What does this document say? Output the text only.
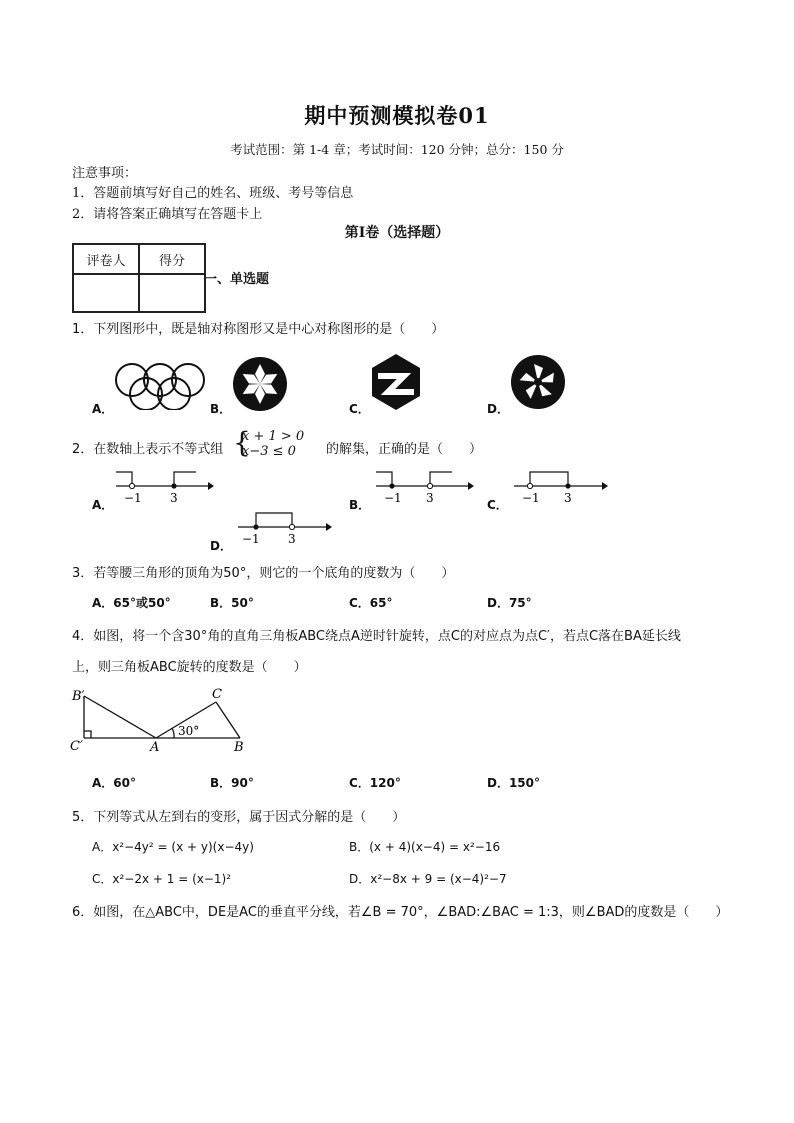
期中预测模拟卷01
考试范围：第 1-4 章；考试时间：120 分钟；总分：150 分
注意事项：
1．答题前填写好自己的姓名、班级、考号等信息
2．请将答案正确填写在答题卡上
第Ⅰ卷（选择题）
评卷人	得分

一、单选题
1．下列图形中，既是轴对称图形又是中心对称图形的是（　　）
A．	B．	C．	D．
2．在数轴上表示不等式组 {
x + 1 > 0
x−3 ≤ 0 的解集，正确的是（　　）
A． −1 3	B． −1 3	C． −1 3
D． −1 3
3．若等腰三角形的顶角为50°，则它的一个底角的度数为（　　）
A．65°或50°	B．50°	C．65°	D．75°
4．如图，将一个含30°角的直角三角板ABC绕点A逆时针旋转，点C的对应点为点C′，若点C落在BA延长线
上，则三角板ABC旋转的度数是（　　）
B′
C′	A	B
C
30°
A．60°	B．90°	C．120°	D．150°
5．下列等式从左到右的变形，属于因式分解的是（　　）
A．x²−4y² = (x + y)(x−4y)	B．(x + 4)(x−4) = x²−16
C．x²−2x + 1 = (x−1)²	D．x²−8x + 9 = (x−4)²−7
6．如图，在△ABC中，DE是AC的垂直平分线，若∠B = 70°，∠BAD:∠BAC = 1:3，则∠BAD的度数是（　　）
